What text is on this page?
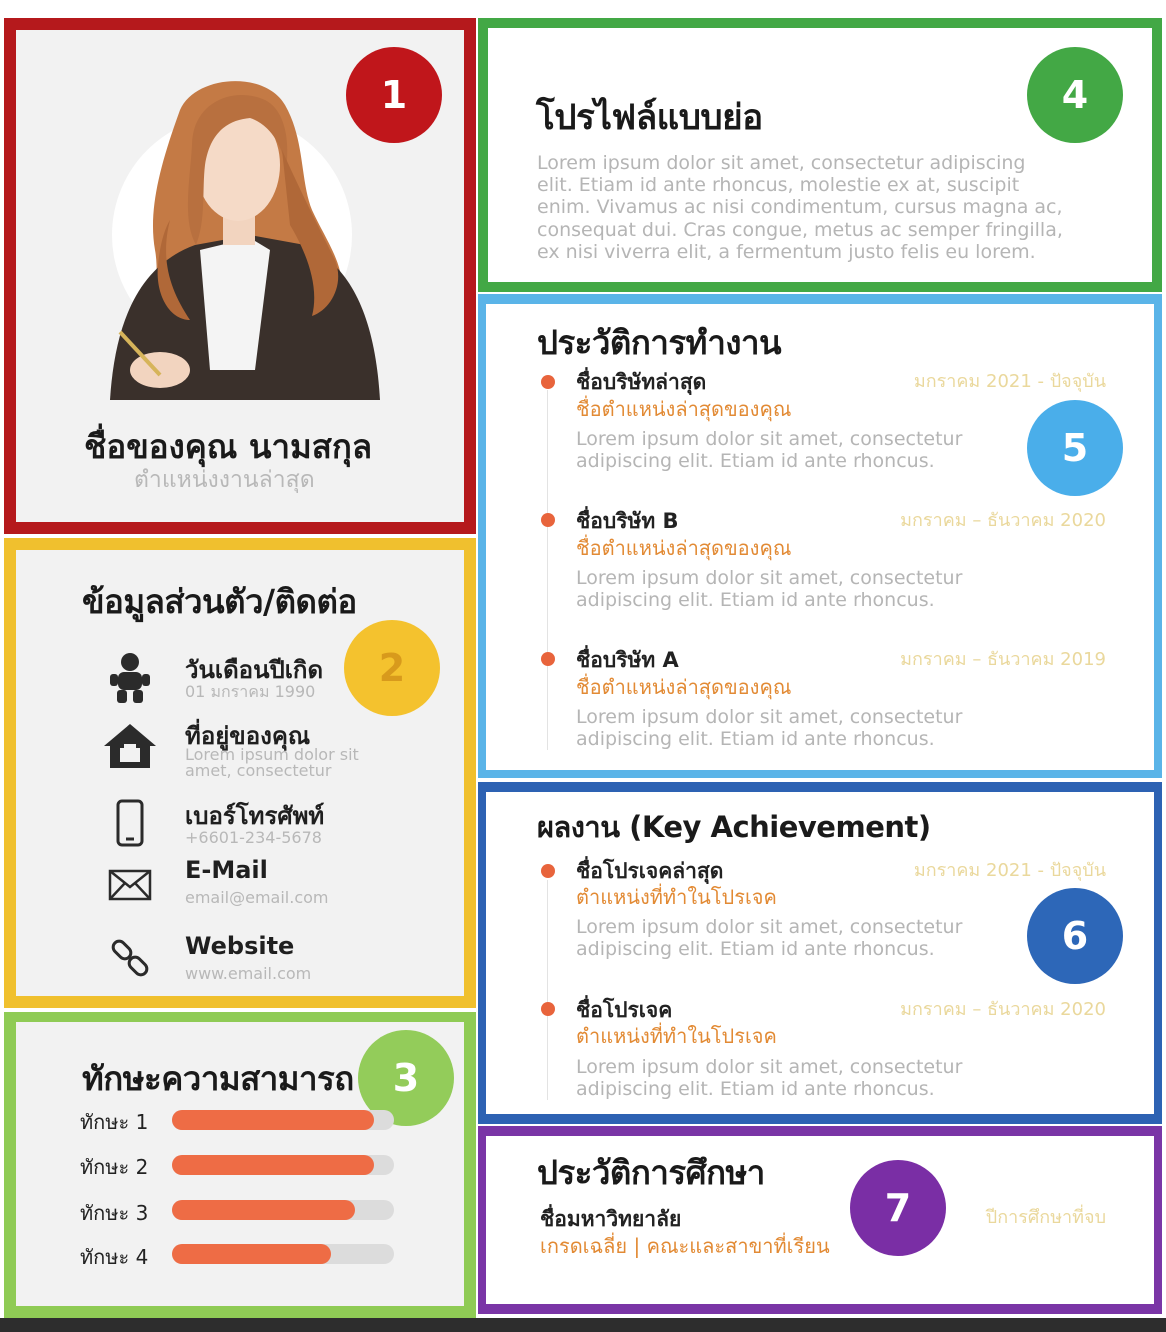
1
ชื่อของคุณ นามสกุล
ตำแหน่งงานล่าสุด
ข้อมูลส่วนตัว/ติดต่อ
2
วันเดือนปีเกิด
01 มกราคม 1990
ที่อยู่ของคุณ
Lorem ipsum dolor sit
amet, consectetur
เบอร์โทรศัพท์
+6601-234-5678
E-Mail
email@email.com
Website
www.email.com
ทักษะความสามารถ	3
ทักษะ 1
ทักษะ 2
ทักษะ 3
ทักษะ 4
โปรไฟล์แบบย่อ
4
Lorem ipsum dolor sit amet, consectetur adipiscing
elit. Etiam id ante rhoncus, molestie ex at, suscipit
enim. Vivamus ac nisi condimentum, cursus magna ac,
consequat dui. Cras congue, metus ac semper fringilla,
ex nisi viverra elit, a fermentum justo felis eu lorem.
ประวัติการทำงาน
5
ชื่อบริษัทล่าสุด
ชื่อตำแหน่งล่าสุดของคุณ
มกราคม 2021 - ปัจจุบัน
Lorem ipsum dolor sit amet, consectetur
adipiscing elit. Etiam id ante rhoncus.
ชื่อบริษัท B
ชื่อตำแหน่งล่าสุดของคุณ
มกราคม – ธันวาคม 2020
Lorem ipsum dolor sit amet, consectetur
adipiscing elit. Etiam id ante rhoncus.
ชื่อบริษัท A
ชื่อตำแหน่งล่าสุดของคุณ
มกราคม – ธันวาคม 2019
Lorem ipsum dolor sit amet, consectetur
adipiscing elit. Etiam id ante rhoncus.
ผลงาน (Key Achievement)
6
ชื่อโปรเจคล่าสุด
ตำแหน่งที่ทำในโปรเจค
มกราคม 2021 - ปัจจุบัน
Lorem ipsum dolor sit amet, consectetur
adipiscing elit. Etiam id ante rhoncus.
ชื่อโปรเจค
ตำแหน่งที่ทำในโปรเจค
มกราคม – ธันวาคม 2020
Lorem ipsum dolor sit amet, consectetur
adipiscing elit. Etiam id ante rhoncus.
ประวัติการศึกษา
7
ชื่อมหาวิทยาลัย
เกรดเฉลี่ย | คณะและสาขาที่เรียน
ปีการศึกษาที่จบ
